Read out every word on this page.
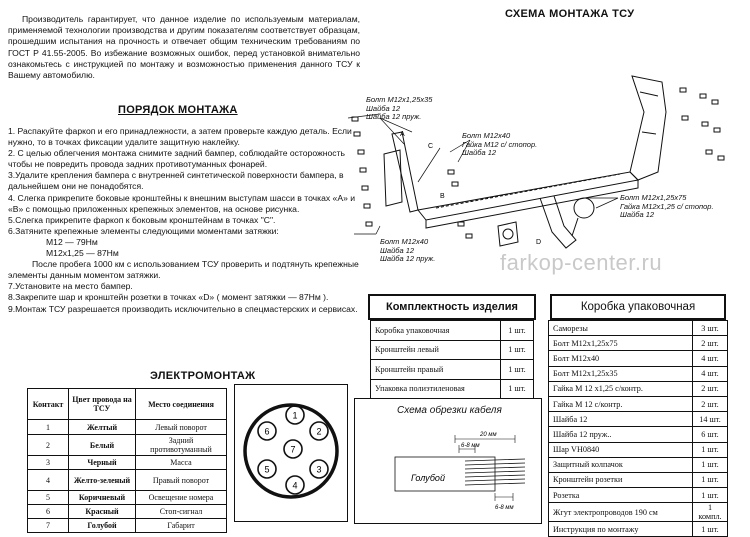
Производитель гарантирует, что данное изделие по используемым материалам, применяемой технологии производства и другим показателям соответствует образцам, прошедшим испытания на прочность и отвечает общим техническим требованиям по ГОСТ Р 41.55-2005. Во избежание возможных ошибок, перед установкой внимательно ознакомьтесь с инструкцией по монтажу и возможностью применения данного ТСУ к Вашему автомобилю.
ПОРЯДОК МОНТАЖА
1. Распакуйте фаркоп и его принадлежности, а затем проверьте каждую деталь. Если нужно, то в точках фиксации удалите защитную наклейку.
2. С целью облегчения монтажа снимите задний бампер, соблюдайте осторожность чтобы не повредить провода задних противотуманных фонарей.
3.Удалите крепления бампера с внутренней синтетической поверхности бампера, в дальнейшем они не понадобятся.
4. Слегка прикрепите боковые кронштейны к внешним выступам шасси в точках «А» и «В» с помощью приложенных крепежных элементов, на основе рисунка.
5.Слегка прикрепите фаркоп к боковым кронштейнам в точках "С".
6.Затяните крепежные элементы следующими моментами затяжки:
M12 — 79Нм
M12x1,25 — 87Нм
После пробега 1000 км с использованием ТСУ проверить и подтянуть крепежные элементы данным моментом затяжки.
7.Установите на место бампер.
8.Закрепите шар и кронштейн розетки в точках «D» ( момент затяжки — 87Нм ).
9.Монтаж ТСУ разрешается производить исключительно в спецмастерских и сервисах.
СХЕМА МОНТАЖА ТСУ
A
B
C
D
Болт М12х1,25х35
Шайба 12
Шайба 12 пруж.
Болт М12х40
Гайка М12 с/ стопор.
Шайба 12
Болт М12х1,25х75
Гайка М12х1,25 с/ стопор.
Шайба 12
Болт М12х40
Шайба 12
Шайба 12 пруж.	farkop-center.ru
ЭЛЕКТРОМОНТАЖ
Контакт	Цвет провода на ТСУ	Место соединения
1	Желтый	Левый поворот
2	Белый	Задний противотуманный
3	Черный	Масса
4	Желто-зеленый	Правый поворот
5	Коричневый	Освещение номера
6	Красный	Стоп-сигнал
7	Голубой	Габарит
1
2
3
4
5
6
7
Схема обрезки кабеля
20 мм
6-8 мм
6-8 мм
Голубой
Комплектность изделия
Коробка упаковочная	1 шт.
Кронштейн левый	1 шт.
Кронштейн правый	1 шт.
Упаковка полиэтиленовая	1 шт.
Коробка упаковочная
Саморезы	3 шт.
Болт M12x1,25x75	2 шт.
Болт M12x40	4 шт.
Болт M12x1,25x35	4 шт.
Гайка М 12 x1,25 с/контр.	2 шт.
Гайка М 12 с/контр.	2 шт.
Шайба 12	14 шт.
Шайба 12 пруж..	6 шт.
Шар VH0840	1 шт.
Защитный колпачок	1 шт.
Кронштейн розетки	1 шт.
Розетка	1 шт.
Жгут электропроводов 190 см	1 компл.
Инструкция по монтажу	1 шт.
